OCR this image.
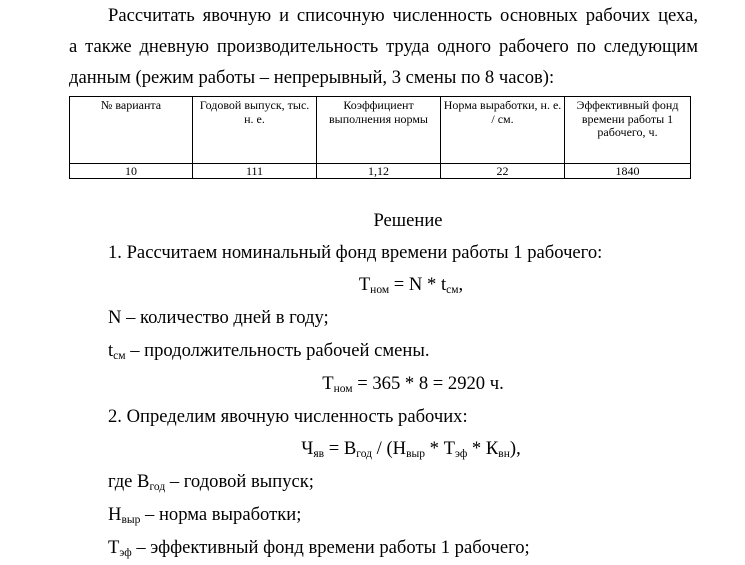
Рассчитать явочную и списочную численность основных рабочих цеха,
а также дневную производительность труда одного рабочего по следующим
данным (режим работы – непрерывный, 3 смены по 8 часов):
№ варианта	Годовой выпуск, тыс. н. е.	Коэффициент выполнения нормы	Норма выработки, н. е. / см.	Эффективный фонд времени работы 1 рабочего, ч.
10	111	1,12	22	1840
Решение
1. Рассчитаем номинальный фонд времени работы 1 рабочего:
$Т_{ном} = N * t_{см}$,
N – количество дней в году;
$t_{см}$ – продолжительность рабочей смены.
$Т_{ном} = 365 * 8 = 2920$ ч.
2. Определим явочную численность рабочих:
$Ч_{яв} = В_{год} / (Н_{выр} * Т_{эф} * К_{вн})$,
где $В_{год}$ – годовой выпуск;
$Н_{выр}$ – норма выработки;
$Т_{эф}$ – эффективный фонд времени работы 1 рабочего;
